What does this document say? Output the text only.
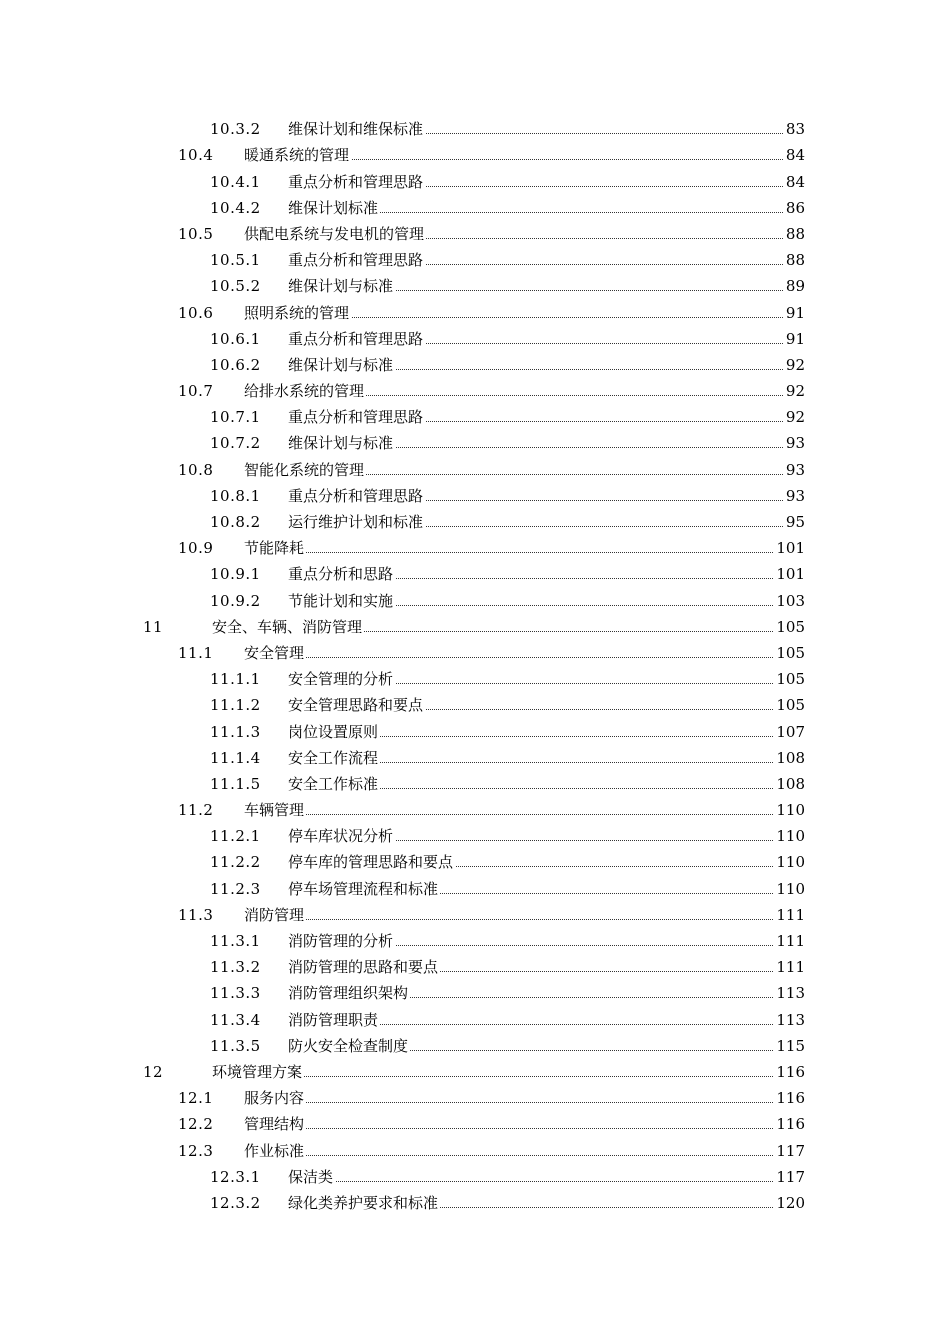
10.3.2 维保计划和维保标准	83
10.4 暖通系统的管理	84
10.4.1 重点分析和管理思路	84
10.4.2 维保计划标准	86
10.5 供配电系统与发电机的管理	88
10.5.1 重点分析和管理思路	88
10.5.2 维保计划与标准	89
10.6 照明系统的管理	91
10.6.1 重点分析和管理思路	91
10.6.2 维保计划与标准	92
10.7 给排水系统的管理	92
10.7.1 重点分析和管理思路	92
10.7.2 维保计划与标准	93
10.8 智能化系统的管理	93
10.8.1 重点分析和管理思路	93
10.8.2 运行维护计划和标准	95
10.9 节能降耗	101
10.9.1 重点分析和思路	101
10.9.2 节能计划和实施	103
11	安全、车辆、消防管理	105
11.1 安全管理	105
11.1.1 安全管理的分析	105
11.1.2 安全管理思路和要点	105
11.1.3 岗位设置原则	107
11.1.4 安全工作流程	108
11.1.5 安全工作标准	108
11.2 车辆管理	110
11.2.1 停车库状况分析	110
11.2.2 停车库的管理思路和要点	110
11.2.3 停车场管理流程和标准	110
11.3 消防管理	111
11.3.1 消防管理的分析	111
11.3.2 消防管理的思路和要点	111
11.3.3 消防管理组织架构	113
11.3.4 消防管理职责	113
11.3.5 防火安全检查制度	115
12	环境管理方案	116
12.1 服务内容	116
12.2 管理结构	116
12.3 作业标准	117
12.3.1 保洁类	117
12.3.2 绿化类养护要求和标准	120
